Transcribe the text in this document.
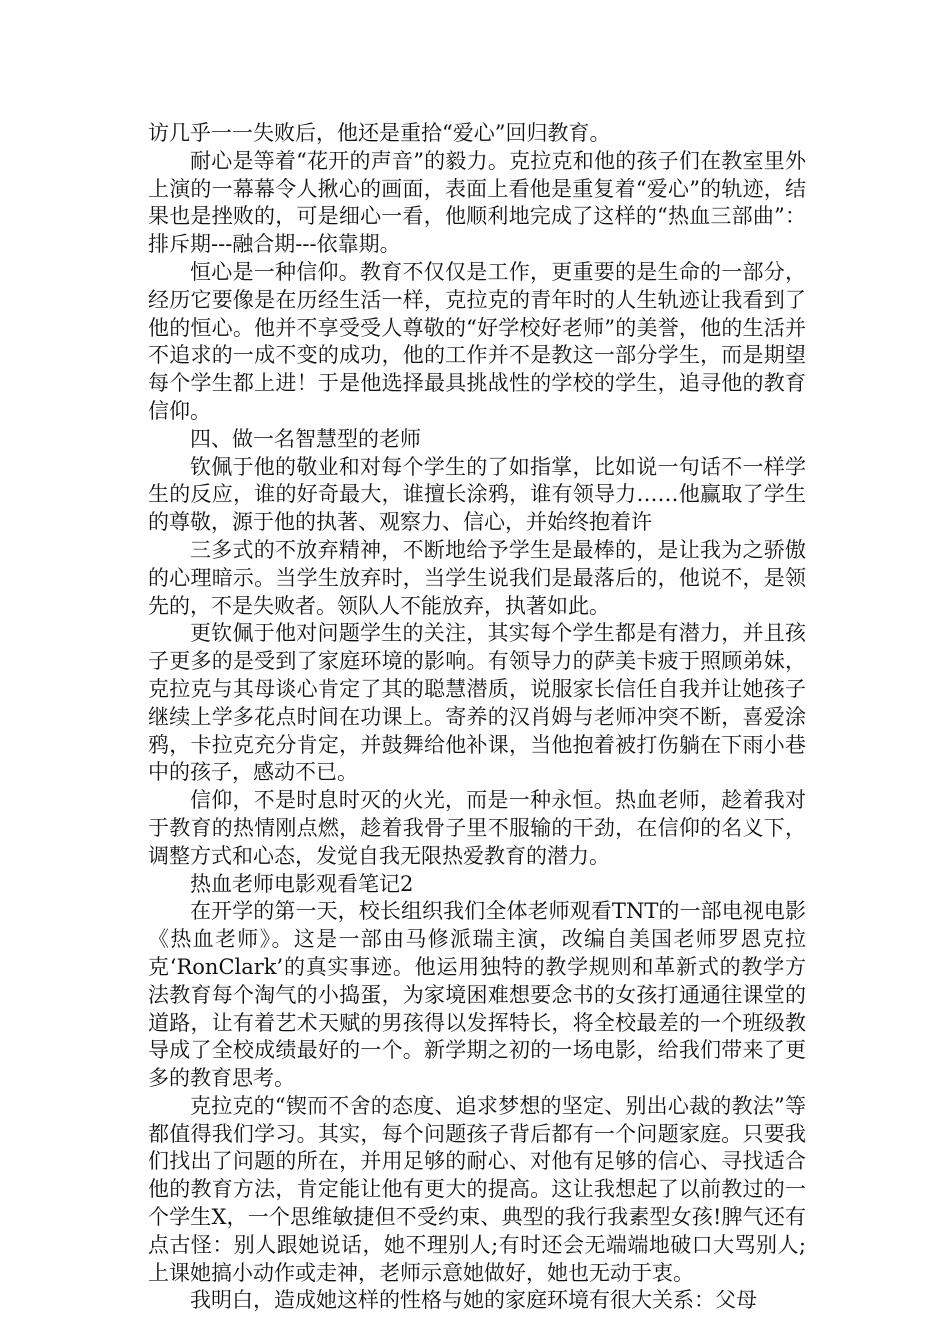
访几乎一一失败后，他还是重拾“爱心”回归教育。

耐心是等着“花开的声音”的毅力。克拉克和他的孩子们在教室里外上演的一幕幕令人揪心的画面，表面上看他是重复着“爱心”的轨迹，结果也是挫败的，可是细心一看，他顺利地完成了这样的“热血三部曲”：排斥期---融合期---依靠期。

恒心是一种信仰。教育不仅仅是工作，更重要的是生命的一部分，经历它要像是在历经生活一样，克拉克的青年时的人生轨迹让我看到了他的恒心。他并不享受受人尊敬的“好学校好老师”的美誉，他的生活并不追求的一成不变的成功，他的工作并不是教这一部分学生，而是期望每个学生都上进！于是他选择最具挑战性的学校的学生，追寻他的教育信仰。

四、做一名智慧型的老师

钦佩于他的敬业和对每个学生的了如指掌，比如说一句话不一样学生的反应，谁的好奇最大，谁擅长涂鸦，谁有领导力……他赢取了学生的尊敬，源于他的执著、观察力、信心，并始终抱着许

三多式的不放弃精神，不断地给予学生是最棒的，是让我为之骄傲的心理暗示。当学生放弃时，当学生说我们是最落后的，他说不，是领先的，不是失败者。领队人不能放弃，执著如此。

更钦佩于他对问题学生的关注，其实每个学生都是有潜力，并且孩子更多的是受到了家庭环境的影响。有领导力的萨美卡疲于照顾弟妹，克拉克与其母谈心肯定了其的聪慧潜质，说服家长信任自我并让她孩子继续上学多花点时间在功课上。寄养的汉肖姆与老师冲突不断，喜爱涂鸦，卡拉克充分肯定，并鼓舞给他补课，当他抱着被打伤躺在下雨小巷中的孩子，感动不已。

信仰，不是时息时灭的火光，而是一种永恒。热血老师，趁着我对于教育的热情刚点燃，趁着我骨子里不服输的干劲，在信仰的名义下，调整方式和心态，发觉自我无限热爱教育的潜力。

热血老师电影观看笔记2

在开学的第一天，校长组织我们全体老师观看TNT的一部电视电影《热血老师》。这是一部由马修派瑞主演，改编自美国老师罗恩克拉克‘RonClark’的真实事迹。他运用独特的教学规则和革新式的教学方法教育每个淘气的小捣蛋，为家境困难想要念书的女孩打通通往课堂的道路，让有着艺术天赋的男孩得以发挥特长，将全校最差的一个班级教导成了全校成绩最好的一个。新学期之初的一场电影，给我们带来了更多的教育思考。

克拉克的“锲而不舍的态度、追求梦想的坚定、别出心裁的教法”等都值得我们学习。其实，每个问题孩子背后都有一个问题家庭。只要我们找出了问题的所在，并用足够的耐心、对他有足够的信心、寻找适合他的教育方法，肯定能让他有更大的提高。这让我想起了以前教过的一个学生X，一个思维敏捷但不受约束、典型的我行我素型女孩!脾气还有点古怪：别人跟她说话，她不理别人;有时还会无端端地破口大骂别人;上课她搞小动作或走神，老师示意她做好，她也无动于衷。

我明白，造成她这样的性格与她的家庭环境有很大关系：父母
